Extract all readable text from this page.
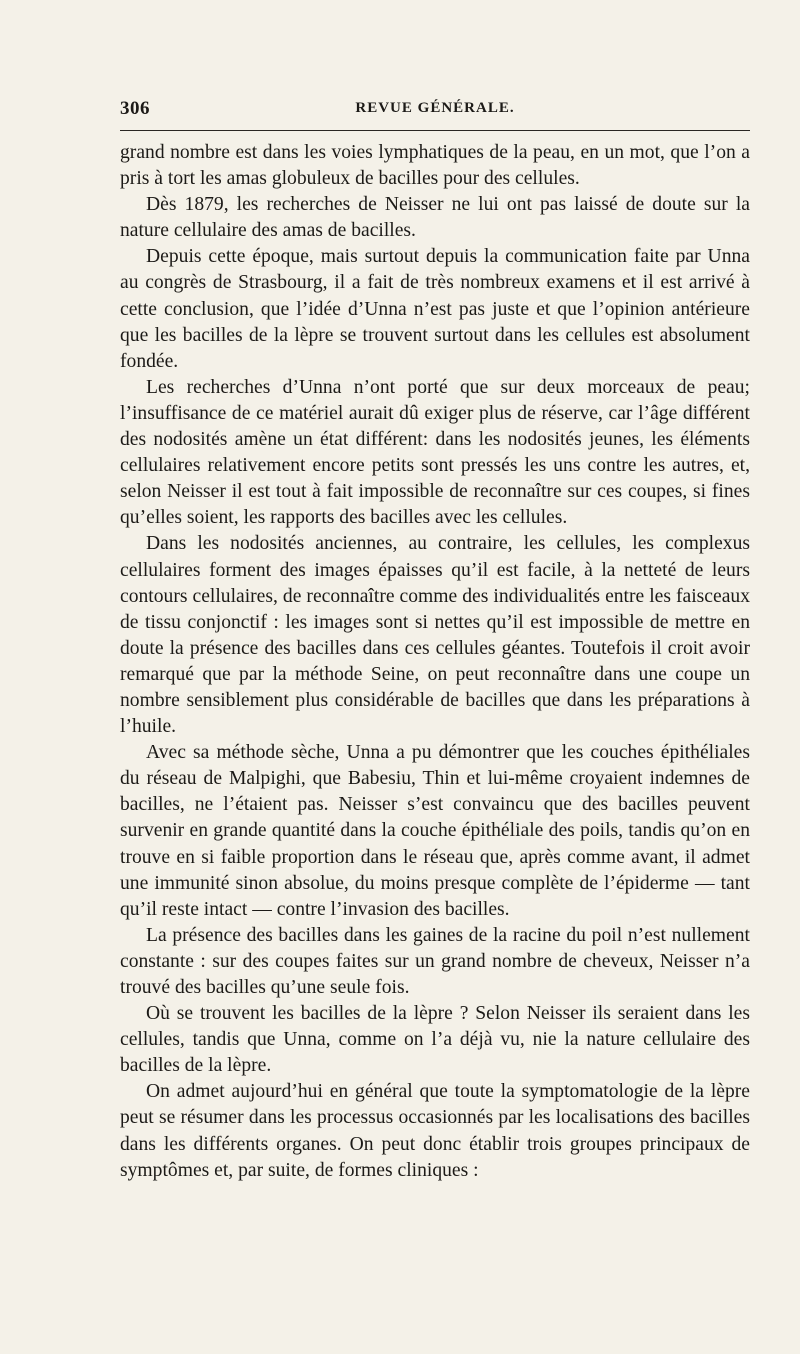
306	REVUE GÉNÉRALE.

grand nombre est dans les voies lymphatiques de la peau, en un mot, que l’on a pris à tort les amas globuleux de bacilles pour des cellules.

Dès 1879, les recherches de Neisser ne lui ont pas laissé de doute sur la nature cellulaire des amas de bacilles.

Depuis cette époque, mais surtout depuis la communication faite par Unna au congrès de Strasbourg, il a fait de très nombreux examens et il est arrivé à cette conclusion, que l’idée d’Unna n’est pas juste et que l’opinion antérieure que les bacilles de la lèpre se trouvent surtout dans les cellules est absolument fondée.

Les recherches d’Unna n’ont porté que sur deux morceaux de peau; l’insuffisance de ce matériel aurait dû exiger plus de réserve, car l’âge différent des nodosités amène un état différent: dans les nodosités jeunes, les éléments cellulaires relativement encore petits sont pressés les uns contre les autres, et, selon Neisser il est tout à fait impossible de reconnaître sur ces coupes, si fines qu’elles soient, les rapports des bacilles avec les cellules.

Dans les nodosités anciennes, au contraire, les cellules, les complexus cellulaires forment des images épaisses qu’il est facile, à la netteté de leurs contours cellulaires, de reconnaître comme des individualités entre les faisceaux de tissu conjonctif : les images sont si nettes qu’il est impossible de mettre en doute la présence des bacilles dans ces cellules géantes. Toutefois il croit avoir remarqué que par la méthode Seine, on peut reconnaître dans une coupe un nombre sensiblement plus considérable de bacilles que dans les préparations à l’huile.

Avec sa méthode sèche, Unna a pu démontrer que les couches épithéliales du réseau de Malpighi, que Babesiu, Thin et lui-même croyaient indemnes de bacilles, ne l’étaient pas. Neisser s’est convaincu que des bacilles peuvent survenir en grande quantité dans la couche épithéliale des poils, tandis qu’on en trouve en si faible proportion dans le réseau que, après comme avant, il admet une immunité sinon absolue, du moins presque complète de l’épiderme — tant qu’il reste intact — contre l’invasion des bacilles.

La présence des bacilles dans les gaines de la racine du poil n’est nullement constante : sur des coupes faites sur un grand nombre de cheveux, Neisser n’a trouvé des bacilles qu’une seule fois.

Où se trouvent les bacilles de la lèpre ? Selon Neisser ils seraient dans les cellules, tandis que Unna, comme on l’a déjà vu, nie la nature cellulaire des bacilles de la lèpre.

On admet aujourd’hui en général que toute la symptomatologie de la lèpre peut se résumer dans les processus occasionnés par les localisations des bacilles dans les différents organes. On peut donc établir trois groupes principaux de symptômes et, par suite, de formes cliniques :
